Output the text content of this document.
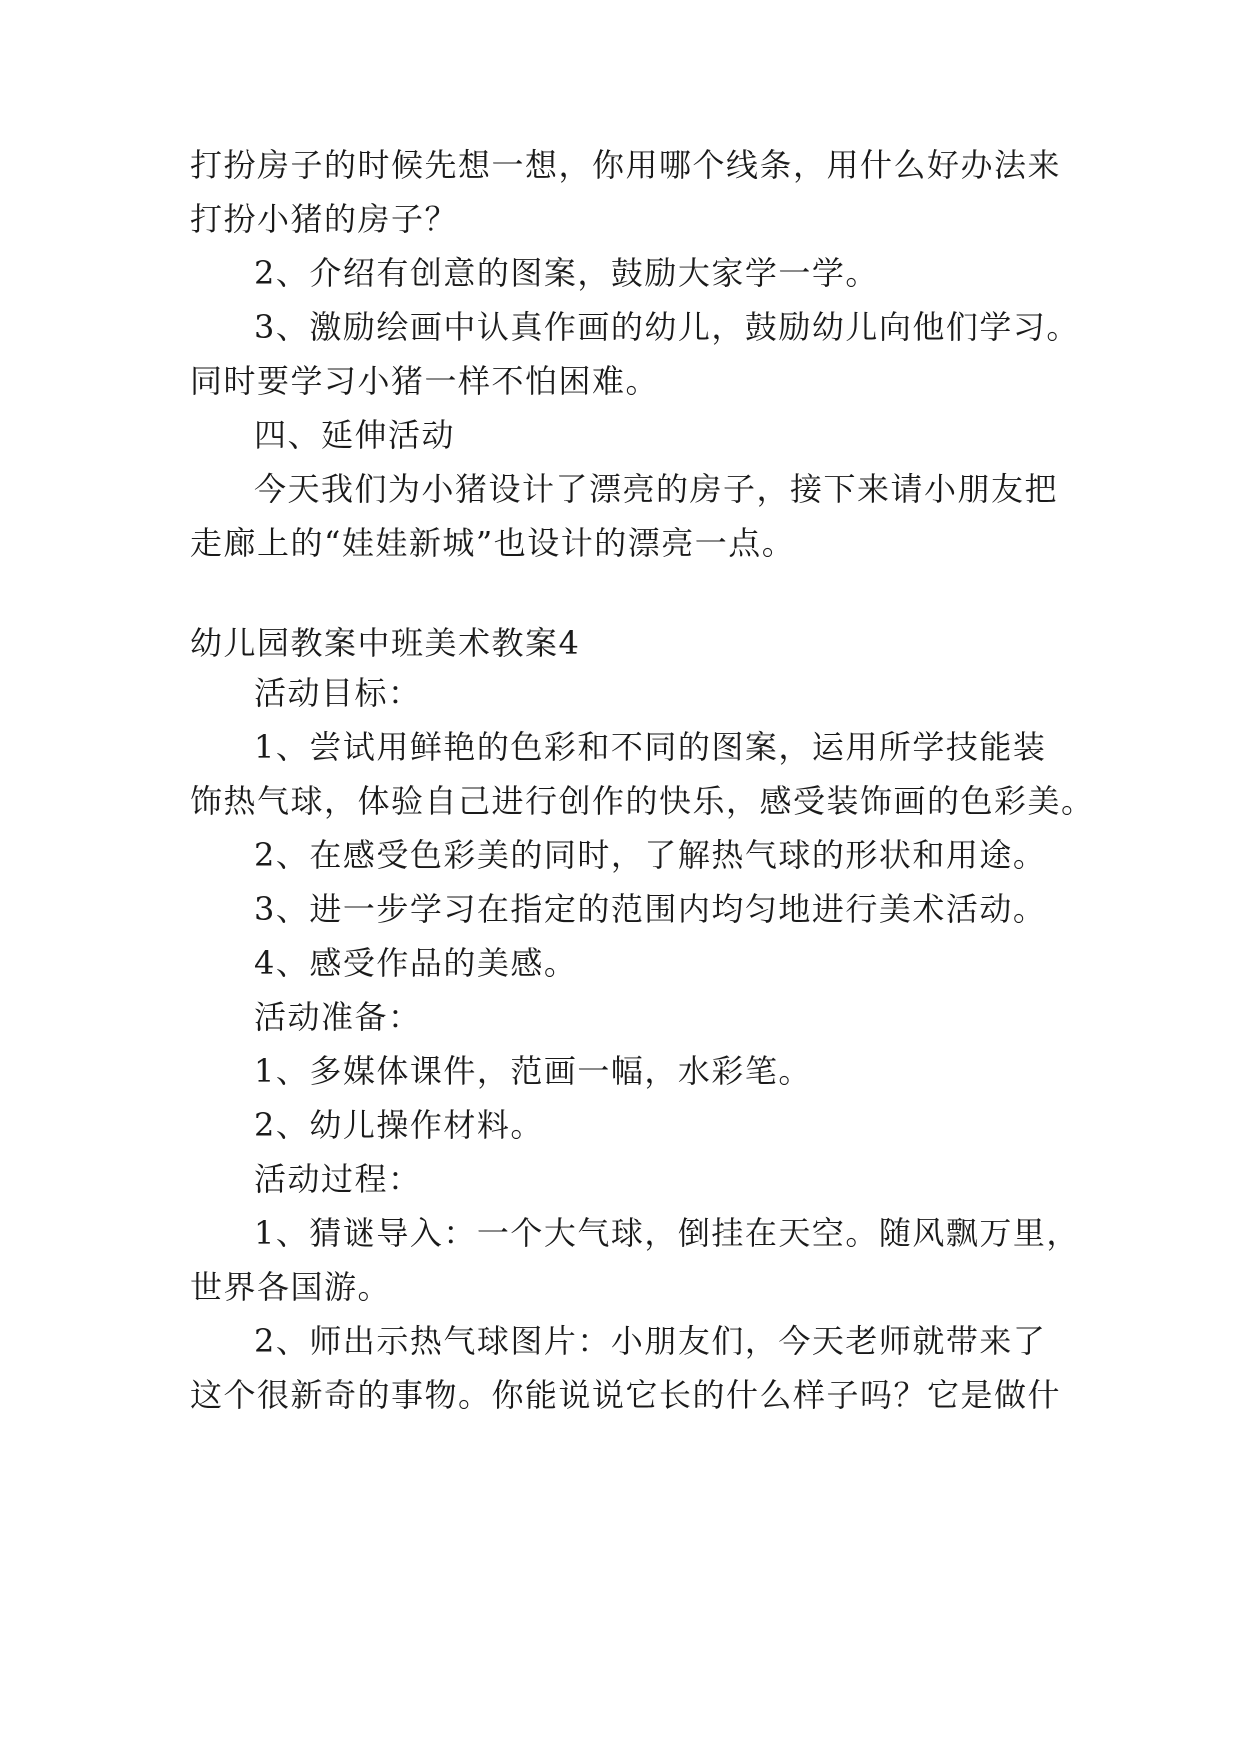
打扮房子的时候先想一想，你用哪个线条，用什么好办法来
打扮小猪的房子？
2、介绍有创意的图案，鼓励大家学一学。
3、激励绘画中认真作画的幼儿，鼓励幼儿向他们学习。
同时要学习小猪一样不怕困难。
四、延伸活动
今天我们为小猪设计了漂亮的房子，接下来请小朋友把
走廊上的“娃娃新城”也设计的漂亮一点。
幼儿园教案中班美术教案4
活动目标：
1、尝试用鲜艳的色彩和不同的图案，运用所学技能装
饰热气球，体验自己进行创作的快乐，感受装饰画的色彩美。
2、在感受色彩美的同时，了解热气球的形状和用途。
3、进一步学习在指定的范围内均匀地进行美术活动。
4、感受作品的美感。
活动准备：
1、多媒体课件，范画一幅，水彩笔。
2、幼儿操作材料。
活动过程：
1、猜谜导入：一个大气球，倒挂在天空。随风飘万里，
世界各国游。
2、师出示热气球图片：小朋友们，今天老师就带来了
这个很新奇的事物。你能说说它长的什么样子吗？它是做什
